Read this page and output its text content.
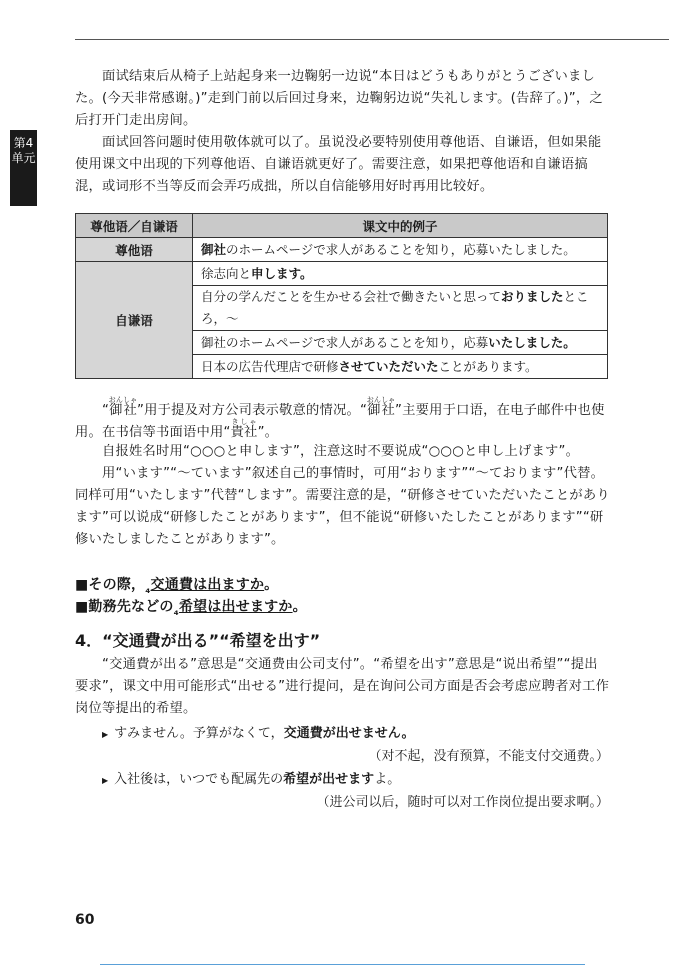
第4单元
面试结束后从椅子上站起身来一边鞠躬一边说“本日はどうもありがとうございました。(今天非常感谢。)”走到门前以后回过身来，边鞠躬边说“失礼します。(告辞了。)”，之后打开门走出房间。
面试回答问题时使用敬体就可以了。虽说没必要特别使用尊他语、自谦语，但如果能使用课文中出现的下列尊他语、自谦语就更好了。需要注意，如果把尊他语和自谦语搞混，或词形不当等反而会弄巧成拙，所以自信能够用好时再用比较好。
尊他语／自谦语	课文中的例子
尊他语	御社のホームページで求人があることを知り，応募いたしました。
自谦语	徐志向と申します。
	自分の学んだことを生かせる会社で働きたいと思っておりましたところ，～
	御社のホームページで求人があることを知り，応募いたしました。
	日本の広告代理店で研修させていただいたことがあります。
“御社おんしゃ”用于提及对方公司表示敬意的情况。“御社おんしゃ”主要用于口语，在电子邮件中也使用。在书信等书面语中用“貴社きしゃ”。
自报姓名时用“○○○と申します”，注意这时不要说成“○○○と申し上げます”。
用“います”“～ています”叙述自己的事情时，可用“おります”“～ております”代替。同样可用“いたします”代替“します”。需要注意的是，“研修させていただいたことがあります”可以说成“研修したことがあります”，但不能说“研修いたしたことがあります”“研修いたしましたことがあります”。
■その際，$_{_4}$交通費は出ますか。
■勤務先などの$_{_4}$希望は出せますか。
4．“交通費が出る”“希望を出す”
“交通費が出る”意思是“交通费由公司支付”。“希望を出す”意思是“说出希望”“提出要求”，课文中用可能形式“出せる”进行提问，是在询问公司方面是否会考虑应聘者对工作岗位等提出的希望。
▶ すみません。予算がなくて，交通費が出せません。
（对不起，没有预算，不能支付交通费。）
▶ 入社後は，いつでも配属先の希望が出せますよ。
（进公司以后，随时可以对工作岗位提出要求啊。）
60
